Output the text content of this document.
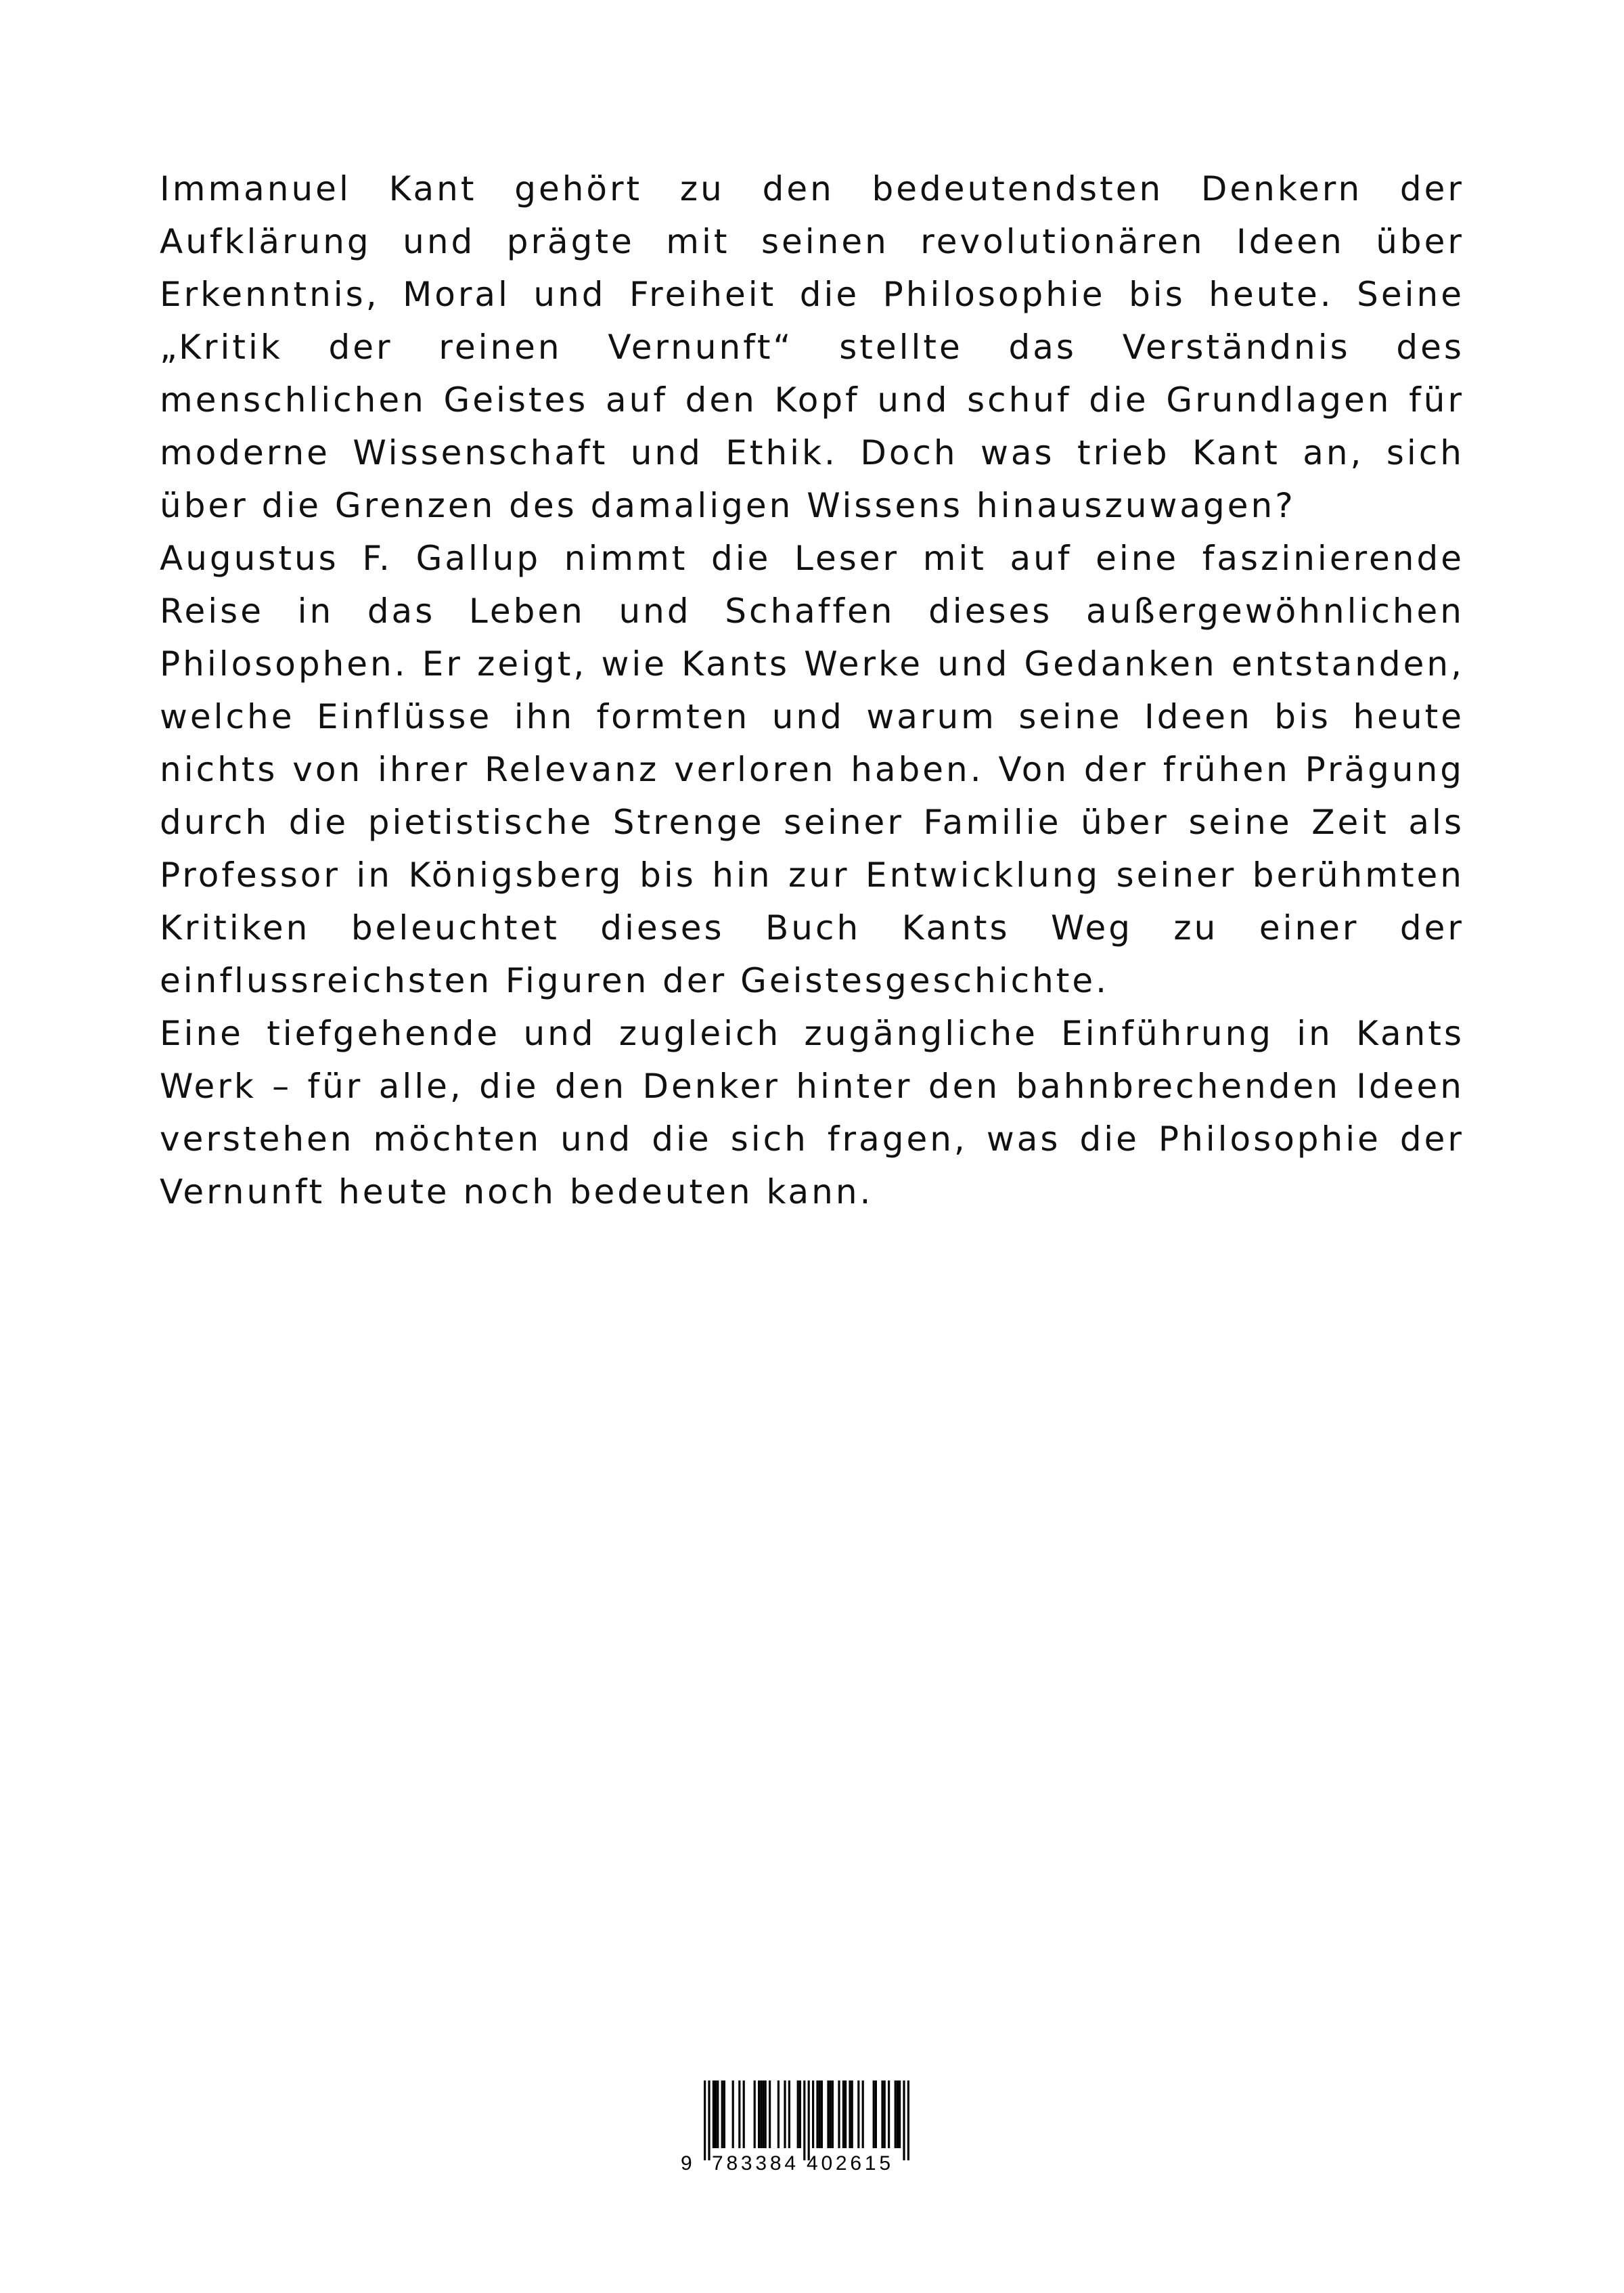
Immanuel Kant gehört zu den bedeutendsten Denkern der Aufklärung und prägte mit seinen revolutionären Ideen über Erkenntnis, Moral und Freiheit die Philosophie bis heute. Seine „Kritik der reinen Vernunft“ stellte das Verständnis des menschlichen Geistes auf den Kopf und schuf die Grundlagen für moderne Wissenschaft und Ethik. Doch was trieb Kant an, sich über die Grenzen des damaligen Wissens hinauszuwagen?

Augustus F. Gallup nimmt die Leser mit auf eine faszinierende Reise in das Leben und Schaffen dieses außergewöhnlichen Philosophen. Er zeigt, wie Kants Werke und Gedanken entstanden, welche Einflüsse ihn formten und warum seine Ideen bis heute nichts von ihrer Relevanz verloren haben. Von der frühen Prägung durch die pietistische Strenge seiner Familie über seine Zeit als Professor in Königsberg bis hin zur Entwicklung seiner berühmten Kritiken beleuchtet dieses Buch Kants Weg zu einer der einflussreichsten Figuren der Geistesgeschichte.

Eine tiefgehende und zugleich zugängliche Einführung in Kants Werk – für alle, die den Denker hinter den bahnbrechenden Ideen verstehen möchten und die sich fragen, was die Philosophie der Vernunft heute noch bedeuten kann.

9 783384 402615
